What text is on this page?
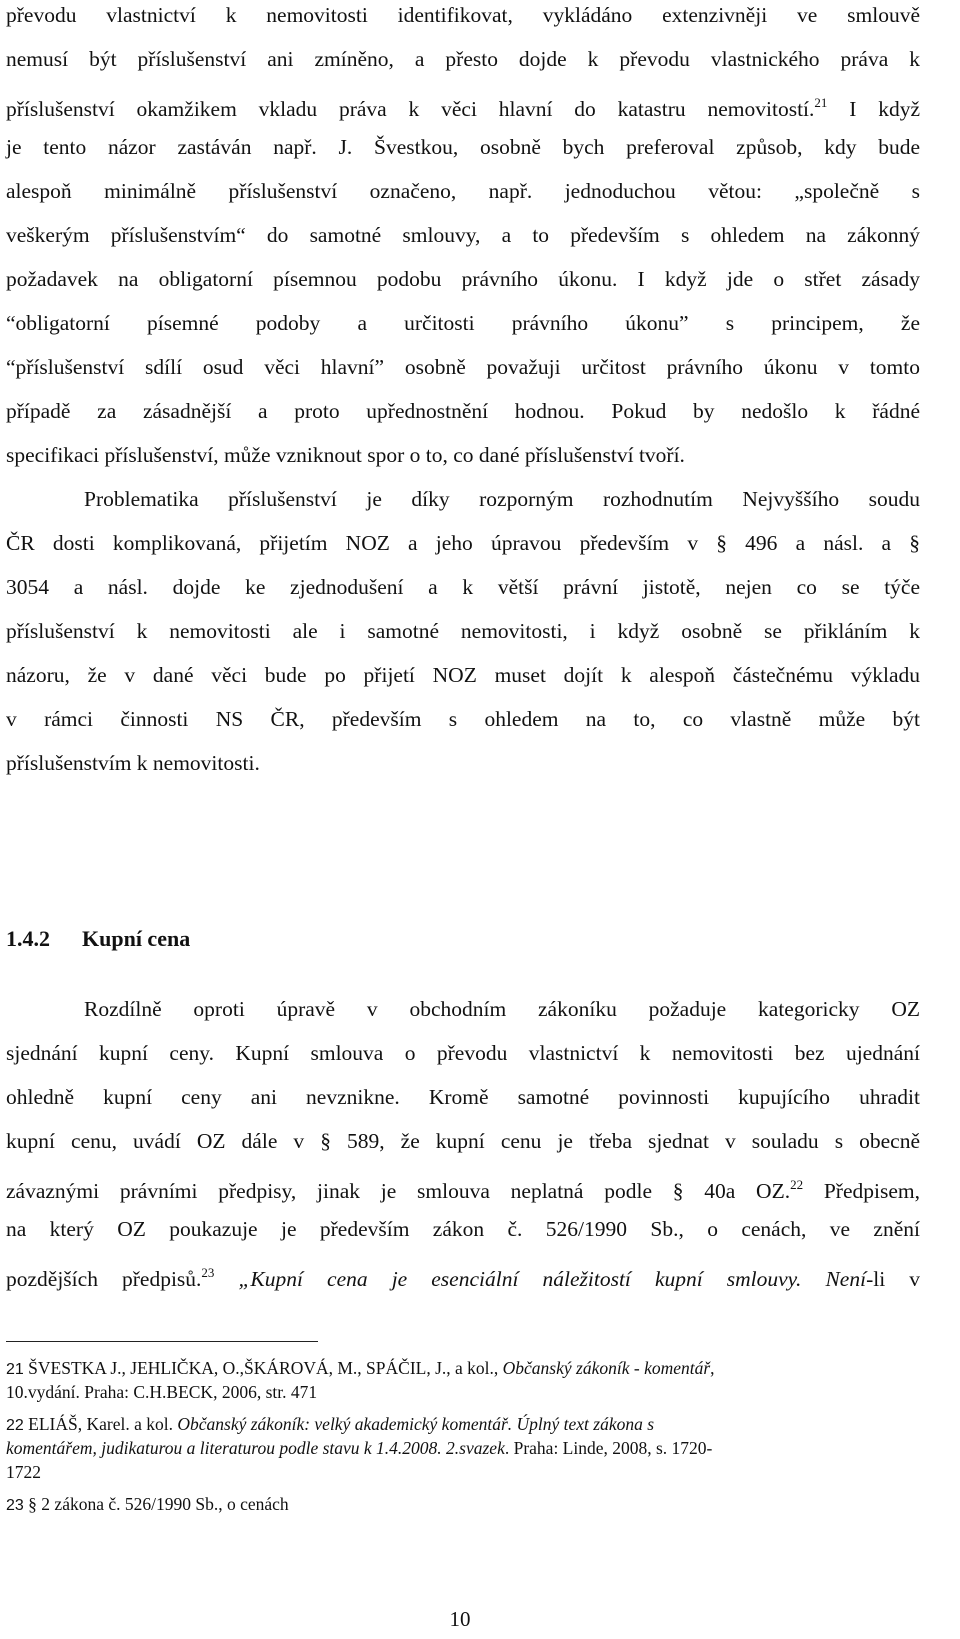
převodu vlastnictví k nemovitosti identifikovat, vykládáno extenzivněji ve smlouvě
nemusí být příslušenství ani zmíněno, a přesto dojde k převodu vlastnického práva k
příslušenství okamžikem vkladu práva k věci hlavní do katastru nemovitostí.$^{21}$ I když
je tento názor zastáván např. J. Švestkou, osobně bych preferoval způsob, kdy bude
alespoň minimálně příslušenství označeno, např. jednoduchou větou: „společně s
veškerým příslušenstvím“ do samotné smlouvy, a to především s ohledem na zákonný
požadavek na obligatorní písemnou podobu právního úkonu. I když jde o střet zásady
“obligatorní písemné podoby a určitosti právního úkonu” s principem, že
“příslušenství sdílí osud věci hlavní” osobně považuji určitost právního úkonu v tomto
případě za zásadnější a proto upřednostnění hodnou. Pokud by nedošlo k řádné
specifikaci příslušenství, může vzniknout spor o to, co dané příslušenství tvoří.
Problematika příslušenství je díky rozporným rozhodnutím Nejvyššího soudu
ČR dosti komplikovaná, přijetím NOZ a jeho úpravou především v § 496 a násl. a §
3054 a násl. dojde ke zjednodušení a k větší právní jistotě, nejen co se týče
příslušenství k nemovitosti ale i samotné nemovitosti, i když osobně se přikláním k
názoru, že v dané věci bude po přijetí NOZ muset dojít k alespoň částečnému výkladu
v rámci činnosti NS ČR, především s ohledem na to, co vlastně může být
příslušenstvím k nemovitosti.
1.4.2 Kupní cena
Rozdílně oproti úpravě v obchodním zákoníku požaduje kategoricky OZ
sjednání kupní ceny. Kupní smlouva o převodu vlastnictví k nemovitosti bez ujednání
ohledně kupní ceny ani nevznikne. Kromě samotné povinnosti kupujícího uhradit
kupní cenu, uvádí OZ dále v § 589, že kupní cenu je třeba sjednat v souladu s obecně
závaznými právními předpisy, jinak je smlouva neplatná podle § 40a OZ.$^{22}$ Předpisem,
na který OZ poukazuje je především zákon č. 526/1990 Sb., o cenách, ve znění
pozdějších předpisů.$^{23}$ „Kupní cena je esenciální náležitostí kupní smlouvy. Není-li v
21 ŠVESTKA J., JEHLIČKA, O.,ŠKÁROVÁ, M., SPÁČIL, J., a kol., Občanský zákoník - komentář,
10.vydání. Praha: C.H.BECK, 2006, str. 471
22 ELIÁŠ, Karel. a kol. Občanský zákoník: velký akademický komentář. Úplný text zákona s
komentářem, judikaturou a literaturou podle stavu k 1.4.2008. 2.svazek. Praha: Linde, 2008, s. 1720-
1722
23 § 2 zákona č. 526/1990 Sb., o cenách
10
